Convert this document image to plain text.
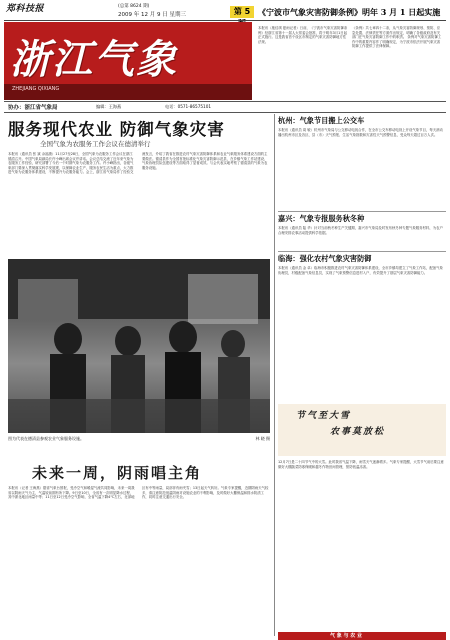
郑科技报	(总第 8624 期)
2009 年 12 月 9 日 星期三	第 5
浙江气象
ZHEJIANG QIXIANG
《宁波市气象灾害防御条例》明年 3 月 1 日起实施
本报讯（施佳琪 夏雨记者）日前，《宁波市气象灾害防御条例》经浙江省第十一届人大常委会批准，将于明年3月1日起正式施行。这是我省首个设区市制定的气象灾害防御地方性法规。
《条例》共七章四十二条，从气象灾害防御规划、预防、应急处置、法律责任等方面作出规定，明确了各级政府及有关部门在气象灾害防御工作中的职责。 条例对气象灾害防御工作中的重要内容作了明确规定，为宁波市依法开展气象灾害防御工作提供了法律保障。
协办：浙江省气象局	编辑：王海燕	电话：0571-86575101
服务现代农业 防御气象灾害
全国气象为农服务工作会议在德清举行
本报讯（通讯员 张 斌 余福康）11月27至28日，全国气象为农服务工作会议在浙江德清召开。中国气象局副局长许小峰出席会议并讲话。会议总结交流了近年来气象为农服务工作经验，研究部署了今后一个时期气象为农服务工作。许小峰指出，各级气象部门要深入贯彻落实科学发展观，以保障农业生产、服务农民生活为重点，大力推进气象为农服务体系建设，不断提升为农服务能力。会上，浙江省气象局作了经验交流发言，介绍了我省在推进农村气象灾害防御体系和农业气象服务体系建设方面的主要做法。德清县作为全国首批标准化气象灾害防御示范县，在乡镇气象工作站建设、气象协理员队伍建设等方面取得了显著成效。与会代表实地考察了德清县的气象为农服务设施。
图为代表在德清县参观农业气象服务设施。	林 晓 摄
未来一周，阴雨唱主角
本报讯（记者 王海燕）据省气象台预报，受冷空气和暖湿气流共同影响，未来一周我省以阴雨天气为主，气温较前期有所下降。9日至10日，全省有一次明显降水过程，其中浙北地区雨量中等；11日至12日受冷空气影响，全省气温下降4℃左右，北部地区有中等雨量，局部伴有雨夹雪；13日起天气转好。气象专家提醒，近期阴雨天气较多，请注意防范低温阴雨对设施农业的不利影响，及时做好大棚保温和排水防渍工作，同时注意交通出行安全。
杭州：气象节目搬上公交车
本报讯（通讯员 周 敏）杭州市气象局与公交移动电视合作，在全市公交车移动电视上开设气象节目，每天滚动播出杭州市区及各区、县（市）天气预报、生活气象指数和灾害性天气预警信息，受众每天超过百万人次。
嘉兴：气象专报服务秋冬种
本报讯（通讯员 陆 华）针对当前秋冬种生产关键期，嘉兴市气象局及时发布秋冬种专题气象服务材料，为农户合理安排农事活动提供科学依据。
临海：强化农村气象灾害防御
本报讯（通讯员 金 卓）临海市积极推进农村气象灾害防御体系建设，全市乡镇均建立了气象工作站，配备气象协理员，村级配备气象信息员，实现了气象预警信息进村入户，有效提升了基层气象灾害防御能力。
节气至大雪
农事莫放松
12月7日是二十四节气中的大雪。此时我省气温下降，雨雪天气逐渐增多。气象专家提醒，大雪节气前后要注意做好大棚蔬菜防寒保暖和越冬作物田间管理，预防低温冻害。
气 象 与 农 业
